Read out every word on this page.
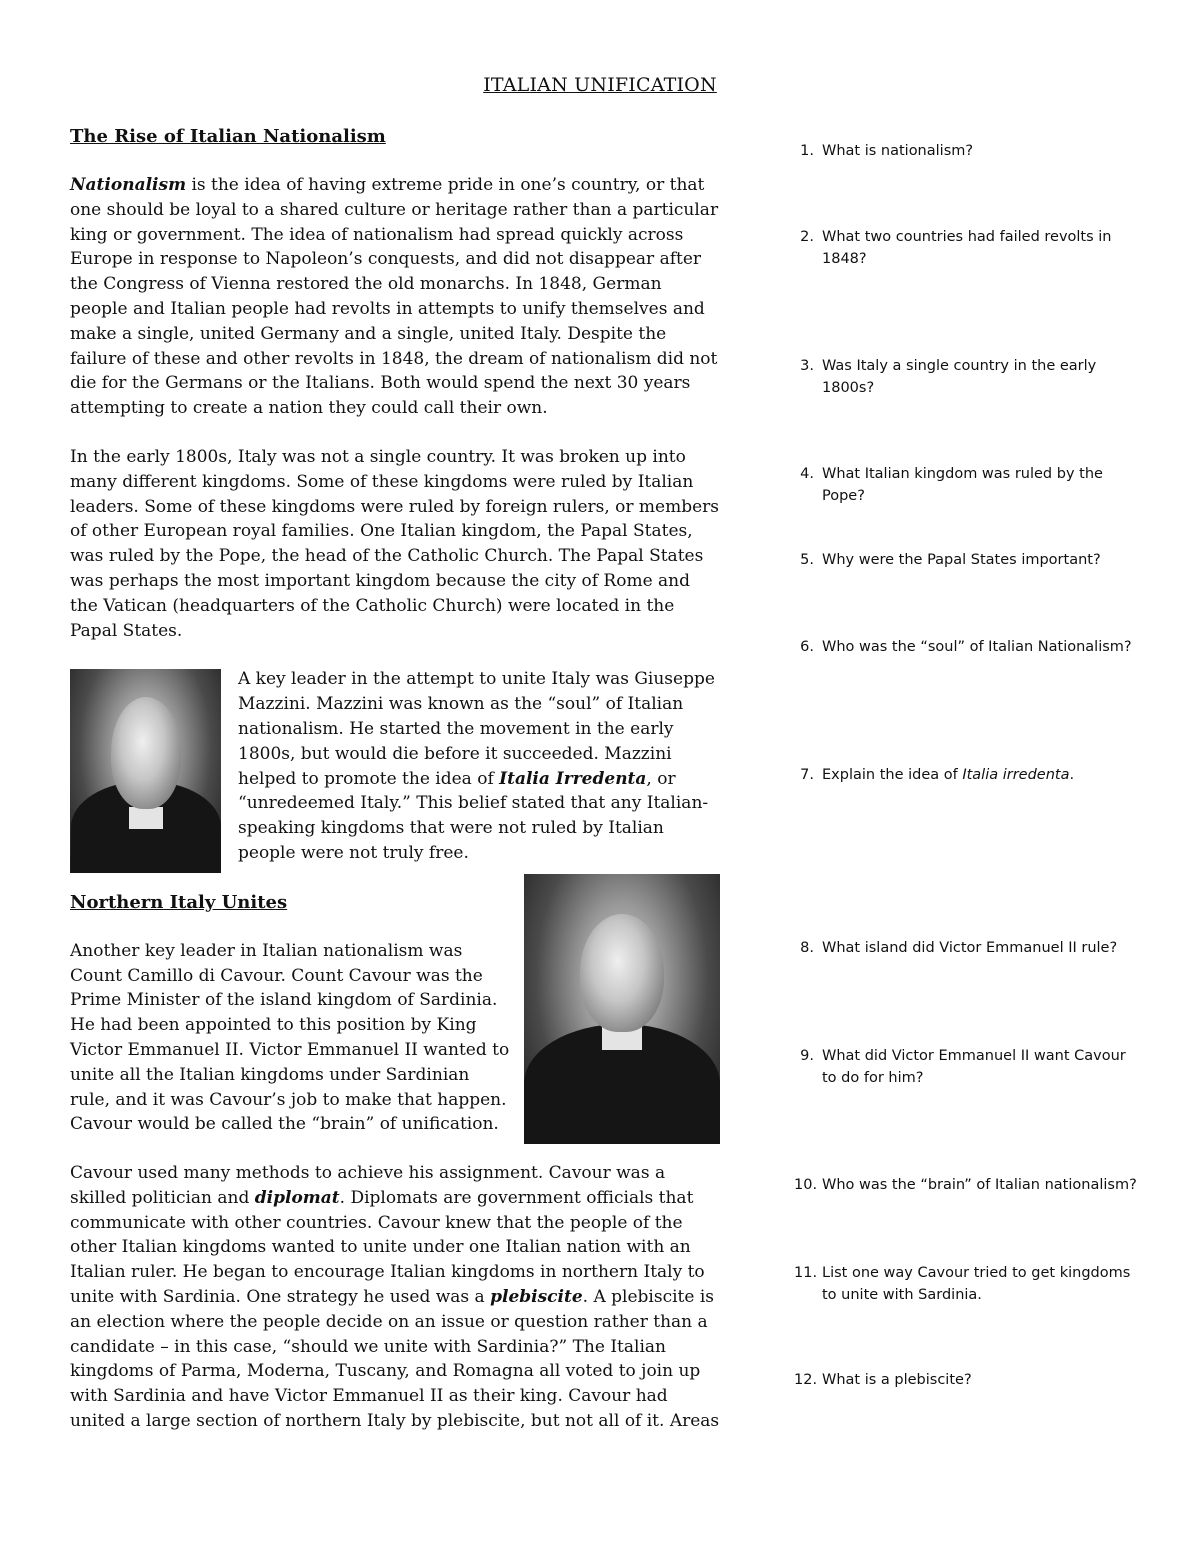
ITALIAN UNIFICATION
The Rise of Italian Nationalism

Nationalism is the idea of having extreme pride in one’s country, or that one should be loyal to a shared culture or heritage rather than a particular king or government. The idea of nationalism had spread quickly across Europe in response to Napoleon’s conquests, and did not disappear after the Congress of Vienna restored the old monarchs. In 1848, German people and Italian people had revolts in attempts to unify themselves and make a single, united Germany and a single, united Italy. Despite the failure of these and other revolts in 1848, the dream of nationalism did not die for the Germans or the Italians. Both would spend the next 30 years attempting to create a nation they could call their own.

In the early 1800s, Italy was not a single country. It was broken up into many different kingdoms. Some of these kingdoms were ruled by Italian leaders. Some of these kingdoms were ruled by foreign rulers, or members of other European royal families. One Italian kingdom, the Papal States, was ruled by the Pope, the head of the Catholic Church. The Papal States was perhaps the most important kingdom because the city of Rome and the Vatican (headquarters of the Catholic Church) were located in the Papal States.

A key leader in the attempt to unite Italy was Giuseppe Mazzini. Mazzini was known as the “soul” of Italian nationalism. He started the movement in the early 1800s, but would die before it succeeded. Mazzini helped to promote the idea of Italia Irredenta, or “unredeemed Italy.” This belief stated that any Italian-speaking kingdoms that were not ruled by Italian people were not truly free.

Northern Italy Unites

Another key leader in Italian nationalism was Count Camillo di Cavour. Count Cavour was the Prime Minister of the island kingdom of Sardinia. He had been appointed to this position by King Victor Emmanuel II. Victor Emmanuel II wanted to unite all the Italian kingdoms under Sardinian rule, and it was Cavour’s job to make that happen. Cavour would be called the “brain” of unification.

Cavour used many methods to achieve his assignment. Cavour was a skilled politician and diplomat. Diplomats are government officials that communicate with other countries. Cavour knew that the people of the other Italian kingdoms wanted to unite under one Italian nation with an Italian ruler. He began to encourage Italian kingdoms in northern Italy to unite with Sardinia. One strategy he used was a plebiscite. A plebiscite is an election where the people decide on an issue or question rather than a candidate – in this case, “should we unite with Sardinia?” The Italian kingdoms of Parma, Moderna, Tuscany, and Romagna all voted to join up with Sardinia and have Victor Emmanuel II as their king. Cavour had united a large section of northern Italy by plebiscite, but not all of it. Areas

1. What is nationalism?
2. What two countries had failed revolts in 1848?
3. Was Italy a single country in the early 1800s?
4. What Italian kingdom was ruled by the Pope?
5. Why were the Papal States important?
6. Who was the “soul” of Italian Nationalism?
7. Explain the idea of Italia irredenta.
8. What island did Victor Emmanuel II rule?
9. What did Victor Emmanuel II want Cavour to do for him?
10. Who was the “brain” of Italian nationalism?
11. List one way Cavour tried to get kingdoms to unite with Sardinia.
12. What is a plebiscite?
